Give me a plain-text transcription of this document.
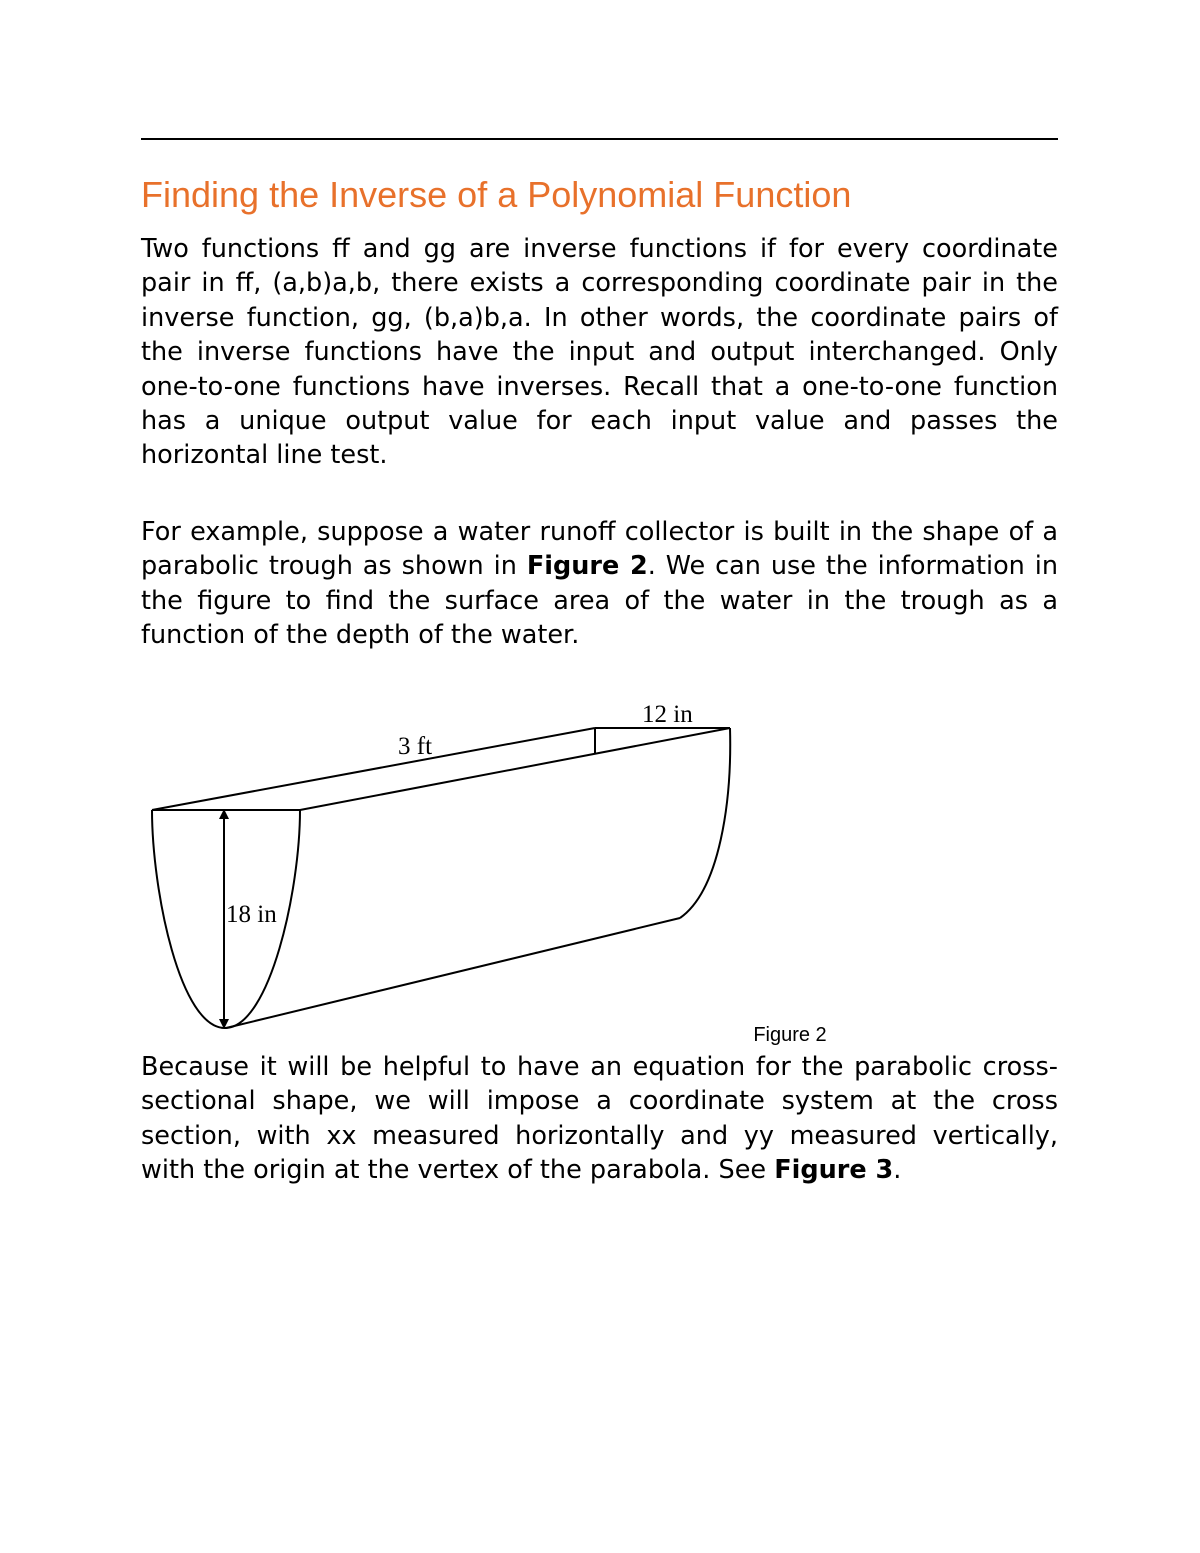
Finding the Inverse of a Polynomial Function

Two functions ff and gg are inverse functions if for every coordinate pair in ff, (a,b)a,b, there exists a corresponding coordinate pair in the inverse function, gg, (b,a)b,a. In other words, the coordinate pairs of the inverse functions have the input and output interchanged. Only one-to-one functions have inverses. Recall that a one-to-one function has a unique output value for each input value and passes the horizontal line test.

For example, suppose a water runoff collector is built in the shape of a parabolic trough as shown in Figure 2. We can use the information in the figure to find the surface area of the water in the trough as a function of the depth of the water.

12 in
3 ft
18 in
Figure 2

Because it will be helpful to have an equation for the parabolic cross-sectional shape, we will impose a coordinate system at the cross section, with xx measured horizontally and yy measured vertically, with the origin at the vertex of the parabola. See Figure 3.
